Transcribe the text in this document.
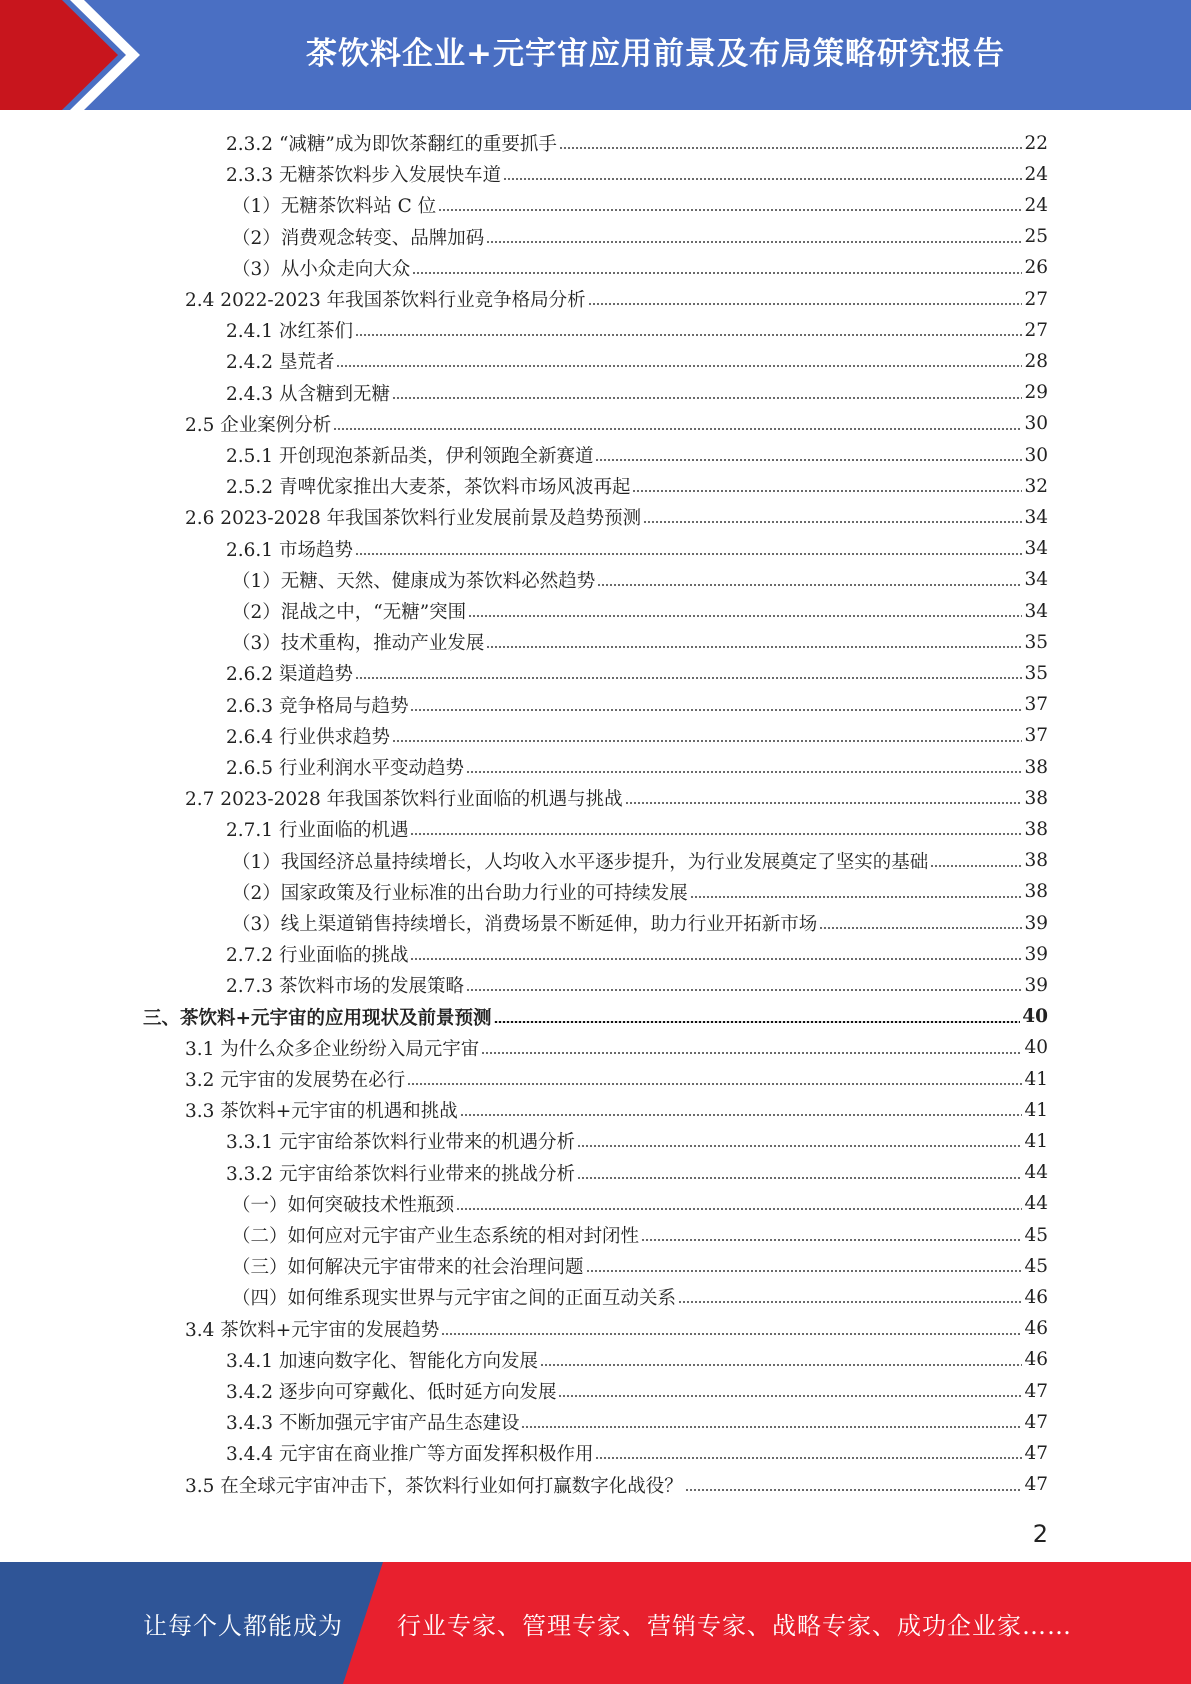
茶饮料企业+元宇宙应用前景及布局策略研究报告
2.3.2 “减糖”成为即饮茶翻红的重要抓手	22
2.3.3 无糖茶饮料步入发展快车道	24
（1）无糖茶饮料站 C 位	24
（2）消费观念转变、品牌加码	25
（3）从小众走向大众	26
2.4 2022-2023 年我国茶饮料行业竞争格局分析	27
2.4.1 冰红茶们	27
2.4.2 垦荒者	28
2.4.3 从含糖到无糖	29
2.5 企业案例分析	30
2.5.1 开创现泡茶新品类，伊利领跑全新赛道	30
2.5.2 青啤优家推出大麦茶，茶饮料市场风波再起	32
2.6 2023-2028 年我国茶饮料行业发展前景及趋势预测	34
2.6.1 市场趋势	34
（1）无糖、天然、健康成为茶饮料必然趋势	34
（2）混战之中，“无糖”突围	34
（3）技术重构，推动产业发展	35
2.6.2 渠道趋势	35
2.6.3 竞争格局与趋势	37
2.6.4 行业供求趋势	37
2.6.5 行业利润水平变动趋势	38
2.7 2023-2028 年我国茶饮料行业面临的机遇与挑战	38
2.7.1 行业面临的机遇	38
（1）我国经济总量持续增长，人均收入水平逐步提升，为行业发展奠定了坚实的基础	38
（2）国家政策及行业标准的出台助力行业的可持续发展	38
（3）线上渠道销售持续增长，消费场景不断延伸，助力行业开拓新市场	39
2.7.2 行业面临的挑战	39
2.7.3 茶饮料市场的发展策略	39
三、茶饮料+元宇宙的应用现状及前景预测	40
3.1 为什么众多企业纷纷入局元宇宙	40
3.2 元宇宙的发展势在必行	41
3.3 茶饮料+元宇宙的机遇和挑战	41
3.3.1 元宇宙给茶饮料行业带来的机遇分析	41
3.3.2 元宇宙给茶饮料行业带来的挑战分析	44
（一）如何突破技术性瓶颈	44
（二）如何应对元宇宙产业生态系统的相对封闭性	45
（三）如何解决元宇宙带来的社会治理问题	45
（四）如何维系现实世界与元宇宙之间的正面互动关系	46
3.4 茶饮料+元宇宙的发展趋势	46
3.4.1 加速向数字化、智能化方向发展	46
3.4.2 逐步向可穿戴化、低时延方向发展	47
3.4.3 不断加强元宇宙产品生态建设	47
3.4.4 元宇宙在商业推广等方面发挥积极作用	47
3.5 在全球元宇宙冲击下，茶饮料行业如何打赢数字化战役？	47
2
让每个人都能成为 行业专家、管理专家、营销专家、战略专家、成功企业家……
